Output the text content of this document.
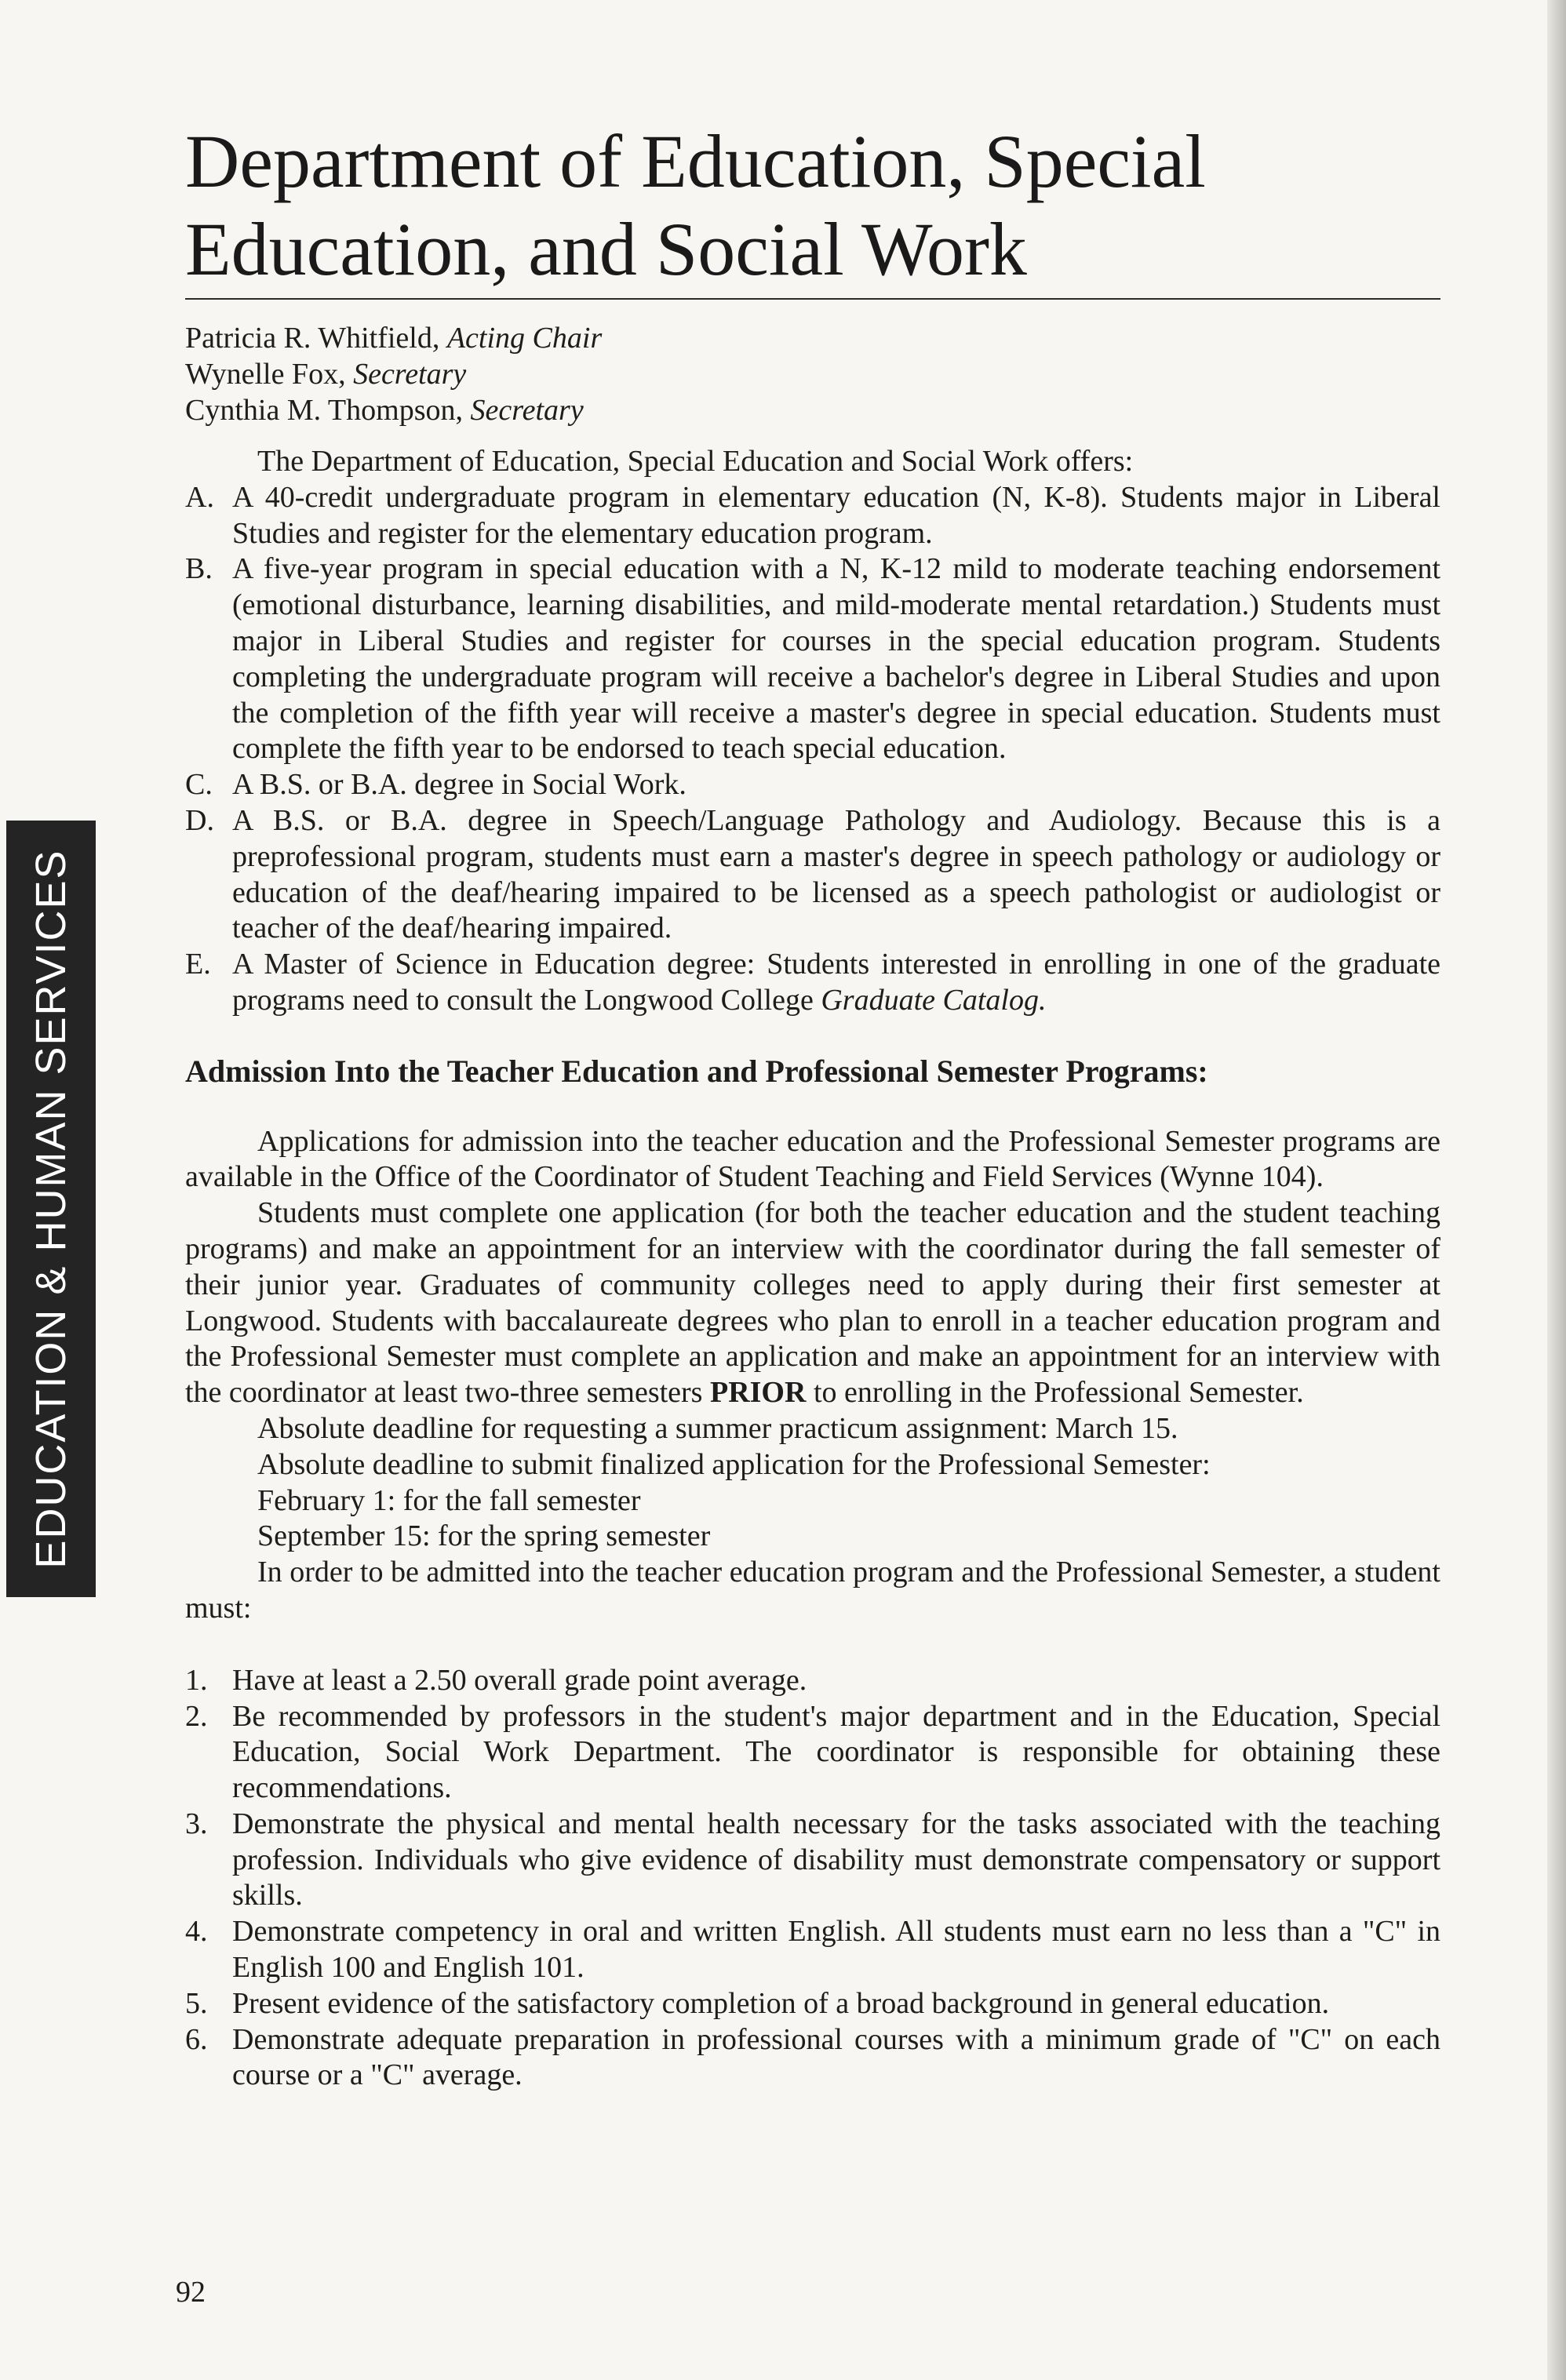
EDUCATION & HUMAN SERVICES
Department of Education, Special
Education, and Social Work
Patricia R. Whitfield, Acting Chair
Wynelle Fox, Secretary
Cynthia M. Thompson, Secretary

The Department of Education, Special Education and Social Work offers:

A. A 40-credit undergraduate program in elementary education (N, K-8). Students major in Liberal Studies and register for the elementary education program.

B. A five-year program in special education with a N, K-12 mild to moderate teaching endorsement (emotional disturbance, learning disabilities, and mild-moderate mental retardation.) Students must major in Liberal Studies and register for courses in the special education program. Students completing the undergraduate program will receive a bachelor's degree in Liberal Studies and upon the completion of the fifth year will receive a master's degree in special education. Students must complete the fifth year to be endorsed to teach special education.

C. A B.S. or B.A. degree in Social Work.

D. A B.S. or B.A. degree in Speech/Language Pathology and Audiology. Because this is a preprofessional program, students must earn a master's degree in speech pathology or audiology or education of the deaf/hearing impaired to be licensed as a speech pathologist or audiologist or teacher of the deaf/hearing impaired.

E. A Master of Science in Education degree: Students interested in enrolling in one of the graduate programs need to consult the Longwood College Graduate Catalog.

Admission Into the Teacher Education and Professional Semester Programs:

Applications for admission into the teacher education and the Professional Semester programs are available in the Office of the Coordinator of Student Teaching and Field Services (Wynne 104).

Students must complete one application (for both the teacher education and the student teaching programs) and make an appointment for an interview with the coordinator during the fall semester of their junior year. Graduates of community colleges need to apply during their first semester at Longwood. Students with baccalaureate degrees who plan to enroll in a teacher education program and the Professional Semester must complete an application and make an appointment for an interview with the coordinator at least two-three semesters PRIOR to enrolling in the Professional Semester.

Absolute deadline for requesting a summer practicum assignment: March 15.

Absolute deadline to submit finalized application for the Professional Semester:

February 1: for the fall semester

September 15: for the spring semester

In order to be admitted into the teacher education program and the Professional Semester, a student must:

1. Have at least a 2.50 overall grade point average.

2. Be recommended by professors in the student's major department and in the Education, Special Education, Social Work Department. The coordinator is responsible for obtaining these recommendations.

3. Demonstrate the physical and mental health necessary for the tasks associated with the teaching profession. Individuals who give evidence of disability must demonstrate compensatory or support skills.

4. Demonstrate competency in oral and written English. All students must earn no less than a "C" in English 100 and English 101.

5. Present evidence of the satisfactory completion of a broad background in general education.

6. Demonstrate adequate preparation in professional courses with a minimum grade of "C" on each course or a "C" average.

92
